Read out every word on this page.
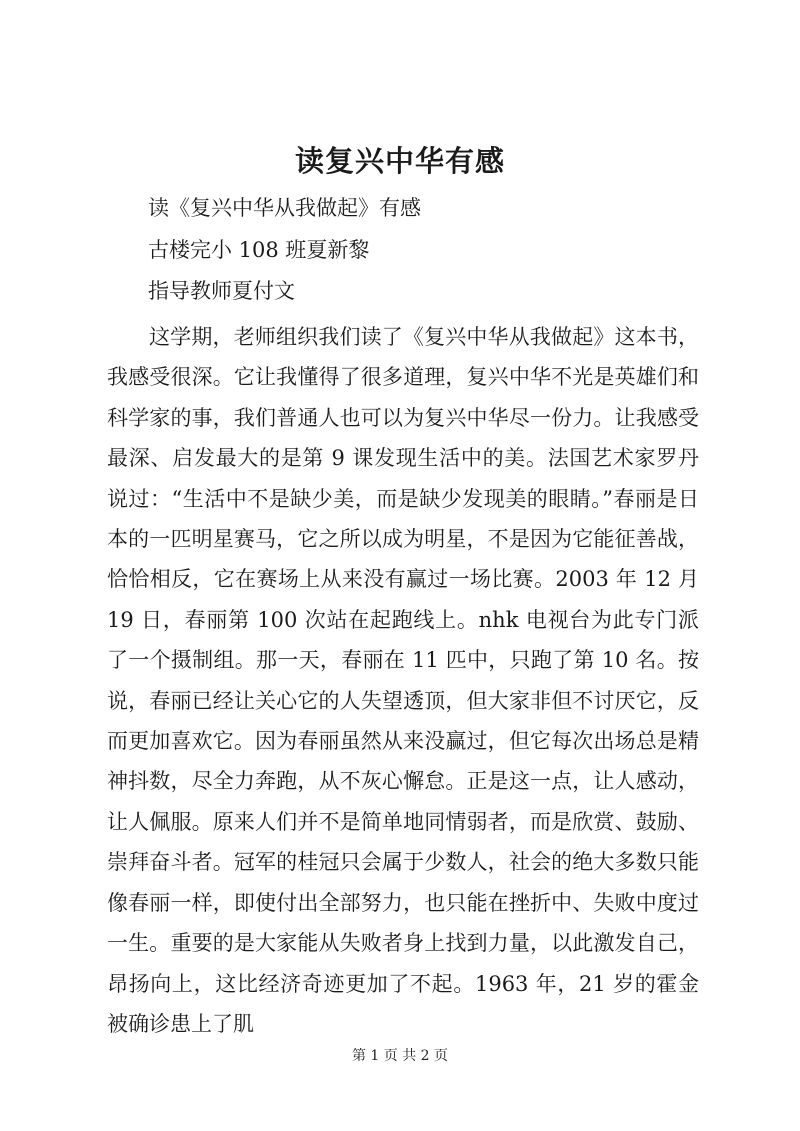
读复兴中华有感
读《复兴中华从我做起》有感
古楼完小 108 班夏新黎
指导教师夏付文

这学期，老师组织我们读了《复兴中华从我做起》这本书，我感受很深。它让我懂得了很多道理，复兴中华不光是英雄们和科学家的事，我们普通人也可以为复兴中华尽一份力。让我感受最深、启发最大的是第 9 课发现生活中的美。法国艺术家罗丹说过：“生活中不是缺少美，而是缺少发现美的眼睛。”春丽是日本的一匹明星赛马，它之所以成为明星，不是因为它能征善战，恰恰相反，它在赛场上从来没有赢过一场比赛。2003 年 12 月 19 日，春丽第 100 次站在起跑线上。nhk 电视台为此专门派了一个摄制组。那一天，春丽在 11 匹中，只跑了第 10 名。按说，春丽已经让关心它的人失望透顶，但大家非但不讨厌它，反而更加喜欢它。因为春丽虽然从来没赢过，但它每次出场总是精神抖数，尽全力奔跑，从不灰心懈怠。正是这一点，让人感动，让人佩服。原来人们并不是简单地同情弱者，而是欣赏、鼓励、崇拜奋斗者。冠军的桂冠只会属于少数人，社会的绝大多数只能像春丽一样，即使付出全部努力，也只能在挫折中、失败中度过一生。重要的是大家能从失败者身上找到力量，以此激发自己，昂扬向上，这比经济奇迹更加了不起。1963 年，21 岁的霍金被确诊患上了肌

第 1 页 共 2 页
